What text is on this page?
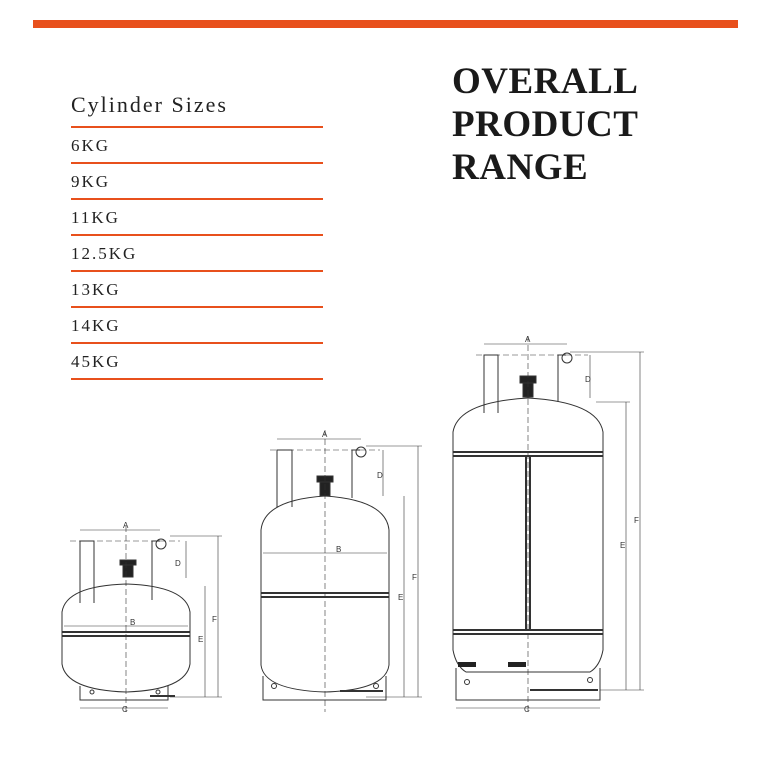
OVERALL
PRODUCT
RANGE
Cylinder Sizes
6KG
9KG
11KG
12.5KG
13KG
14KG
45KG
A
B
C
D
E
F
A
B
D
E
F
A
C
D
E
F
